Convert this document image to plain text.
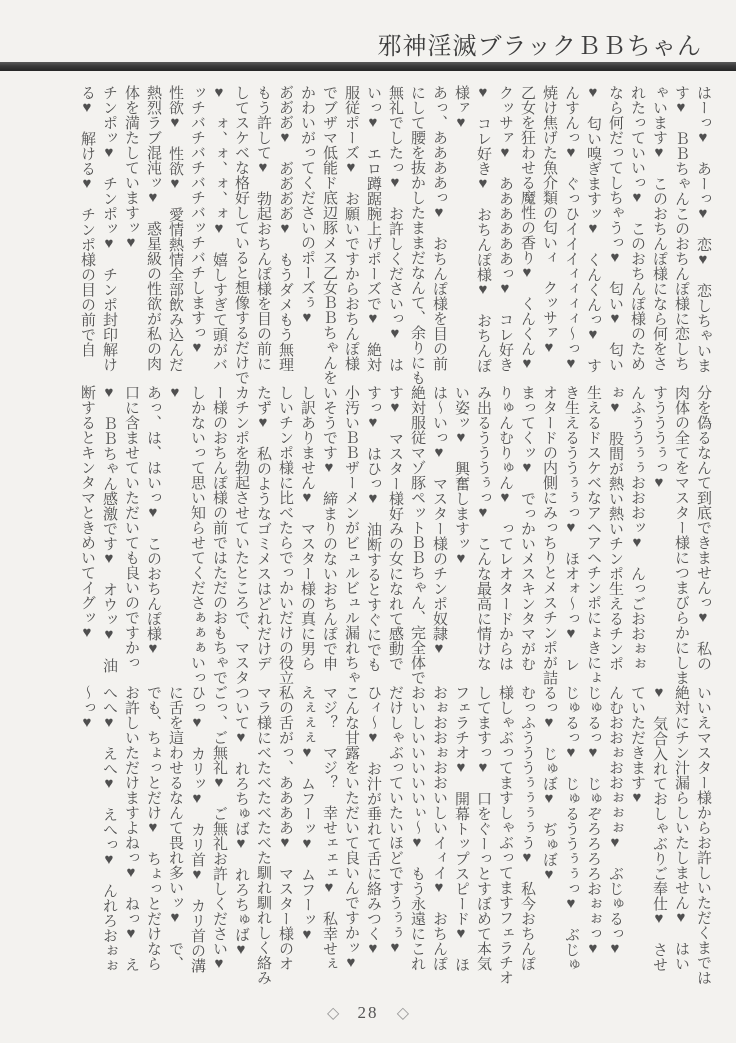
邪神淫滅ブラックＢＢちゃん

はーっ♥　あーっ♥　恋♥　恋しちゃいます♥　ＢＢちゃんこのおちんぽ様に恋しちゃいます♥　このおちんぽ様になら何をされたっていいっ♥　このおちんぽ様のためなら何だってしちゃうっ♥　匂い♥　匂い♥　匂い嗅ぎますッ♥　くんくんっ♥　すんすんっ♥　ぐっひイイイィィィィ～っ♥　焼け焦げた魚介類の匂いィ　クッサァ♥　乙女を狂わせる魔性の香り♥　くんくん♥　クッサァ♥　ああああああっ♥　コレ好き♥　コレ好き♥　おちんぽ様♥　おちんぽ様ァ♥

あっ、ああああっ♥　おちんぽ様を目の前にして腰を抜かしたままだなんて、余りにも無礼でしたっ♥　お許しくださいっ♥　はいっ♥　エロ蹲踞腕上げポーズで♥　絶対服従ポーズ♥　お願いですからおちんぽ様でブザマ低能ド底辺豚メス乙女ＢＢちゃんをかわいがってくださいのポーズぅ♥

あ゙あ゙あ゙♥　あ゙あ゙あ゙あ゙♥　もうダメもう無理もう許して♥　勃起おちんぽ様を目の前にしてスケベな格好していると想像するだけで♥　ォ、ォ、ォ、ォ♥　嬉しすぎて頭がバッチバチバチバチバッチバチしますっ♥　性欲♥　性欲♥　愛情熱情全部飲み込んだ熱烈ラブ混沌ッ♥　惑星級の性欲が私の肉体を満たしていますッ♥

チンポッ♥　チンポッ♥　チンポ封印解ける♥　解ける♥　チンポ様の目の前で自

分を偽るなんて到底できませんっ♥　私の肉体の全てをマスター様につまびらかにしますうううぅっ♥

んふううぅぅおおおッ♥　んっごおおぉぉぉ♥　股間が熱い熱いチンポ生えるチンポ生えるドスケベなアヘアヘチンポにょきにょき生えるううぅぅっ♥　ほオォ～っ♥　レオタードの内側にみっちりとメスチンポが詰まってくッ♥　でっかいメスキンタマがむりゅんむりゅん♥　ってレオタードからはみ出るうううぅっ♥　こんな最高に情けない姿ッ♥　興奮しますッ♥

は～いっ♥　マスター様のチンポ奴隷♥　絶対服従マゾ豚ペットＢＢちゃん、完全体です♥　マスター様好みの女になれて感動ですっ♥　はひっ♥　油断するとすぐにでも小汚いＢＢザーメンがビュルビュル漏れちゃいそうです♥　締まりのないおちんぽで申し訳ありません♥　マスター様の真に男らしいチンポ様に比べたらでっかいだけの役立たず♥　私のようなゴミメスはどれだけデカチンポを勃起させていたところで、マスター様のおちんぽ様の前ではただのおもちゃでしかないって思い知らせてくださぁぁぁいっ♥

あっ、は、はいっ♥　このおちんぽ様♥　口に含ませていただいても良いのですかっ♥　ＢＢちゃん感激です♥　オウッ♥　油断するとキンタマときめいてイグッ♥

いいえマスター様からお許しいただくまでは絶対にチン汁漏らしいたしません♥　はい♥　気合入れておしゃぶりご奉仕♥　させていただきます♥

んむおおぉおおぉぉぉ♥　ぶじゅるっ♥　じゅるっ♥　じゅぞろろろろおぉぉっ♥　じゅるっ♥　じゅるううぅぅっ♥　ぶじゅるっ♥　じゅぼ♥　ぢゅぼ♥

むっふうううぅぅぅぅう♥　私今おちんぽ様しゃぶってますしゃぶってますフェラチオしてますっ♥　口をぐーっとすぼめて本気フェラチオ♥　開幕トップスピード♥　ほおぉおおぉおおいしいイィイ♥　おちんぽおいしいいいいいぃ～♥　もう永遠にこれだけしゃぶっていたいほどですうぅぅ♥　ひィ～♥　お汁が垂れて舌に絡みつく♥　こんな甘露をいただいて良いんですかッ♥　マジ？　マジ？　幸せェェェ♥　私幸せぇえぇぇぇ♥　ムフーッ♥　ムフーッ♥

私の舌がっ、ああああ♥　マスター様のオマラ様にべたべたべたべた馴れ馴れしく絡みついて♥　れろちゅば♥　れろちゅば♥　ごっ、ご無礼♥　ご無礼お許しください♥　ひっ♥　カリッ♥　カリ首♥　カリ首の溝に舌を這わせるなんて畏れ多いッ♥　で、でも、ちょっとだけ♥　ちょっとだけならお許しいただけますよねっ♥　ねっ♥　えへへ♥　えへ♥　えへっ♥　んれろおぉぉ～っ♥

◇ 28 ◇
